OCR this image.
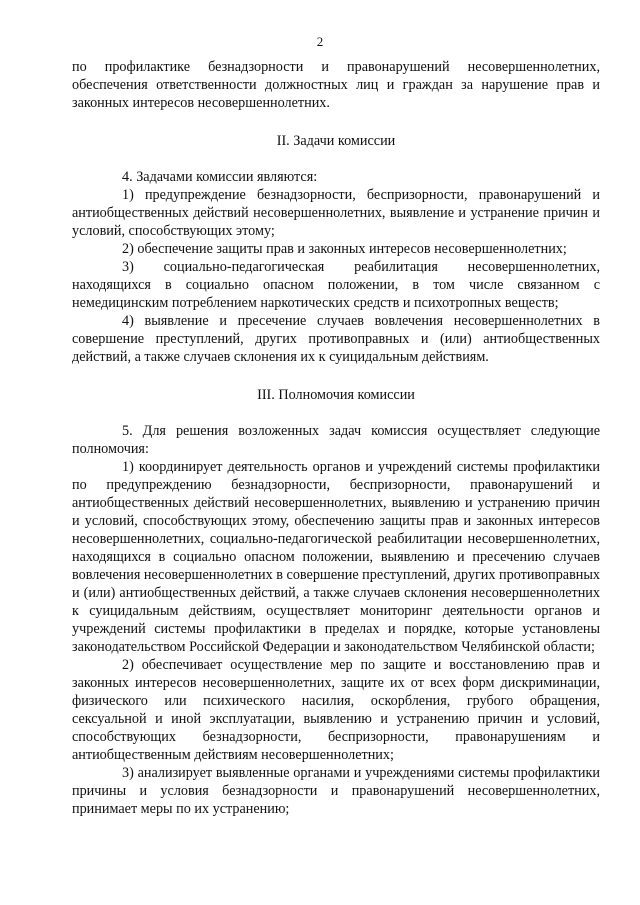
2

по профилактике безнадзорности и правонарушений несовершеннолетних, обеспечения ответственности должностных лиц и граждан за нарушение прав и законных интересов несовершеннолетних.

II. Задачи комиссии

4. Задачами комиссии являются:

1) предупреждение безнадзорности, беспризорности, правонарушений и антиобщественных действий несовершеннолетних, выявление и устранение причин и условий, способствующих этому;

2) обеспечение защиты прав и законных интересов несовершеннолетних;

3) социально-педагогическая реабилитация несовершеннолетних, находящихся в социально опасном положении, в том числе связанном с немедицинским потреблением наркотических средств и психотропных веществ;

4) выявление и пресечение случаев вовлечения несовершеннолетних в совершение преступлений, других противоправных и (или) антиобщественных действий, а также случаев склонения их к суицидальным действиям.

III. Полномочия комиссии

5. Для решения возложенных задач комиссия осуществляет следующие полномочия:

1) координирует деятельность органов и учреждений системы профилактики по предупреждению безнадзорности, беспризорности, правонарушений и антиобщественных действий несовершеннолетних, выявлению и устранению причин и условий, способствующих этому, обеспечению защиты прав и законных интересов несовершеннолетних, социально-педагогической реабилитации несовершеннолетних, находящихся в социально опасном положении, выявлению и пресечению случаев вовлечения несовершеннолетних в совершение преступлений, других противоправных и (или) антиобщественных действий, а также случаев склонения несовершеннолетних к суицидальным действиям, осуществляет мониторинг деятельности органов и учреждений системы профилактики в пределах и порядке, которые установлены законодательством Российской Федерации и законодательством Челябинской области;

2) обеспечивает осуществление мер по защите и восстановлению прав и законных интересов несовершеннолетних, защите их от всех форм дискриминации, физического или психического насилия, оскорбления, грубого обращения, сексуальной и иной эксплуатации, выявлению и устранению причин и условий, способствующих безнадзорности, беспризорности, правонарушениям и антиобщественным действиям несовершеннолетних;

3) анализирует выявленные органами и учреждениями системы профилактики причины и условия безнадзорности и правонарушений несовершеннолетних, принимает меры по их устранению;
